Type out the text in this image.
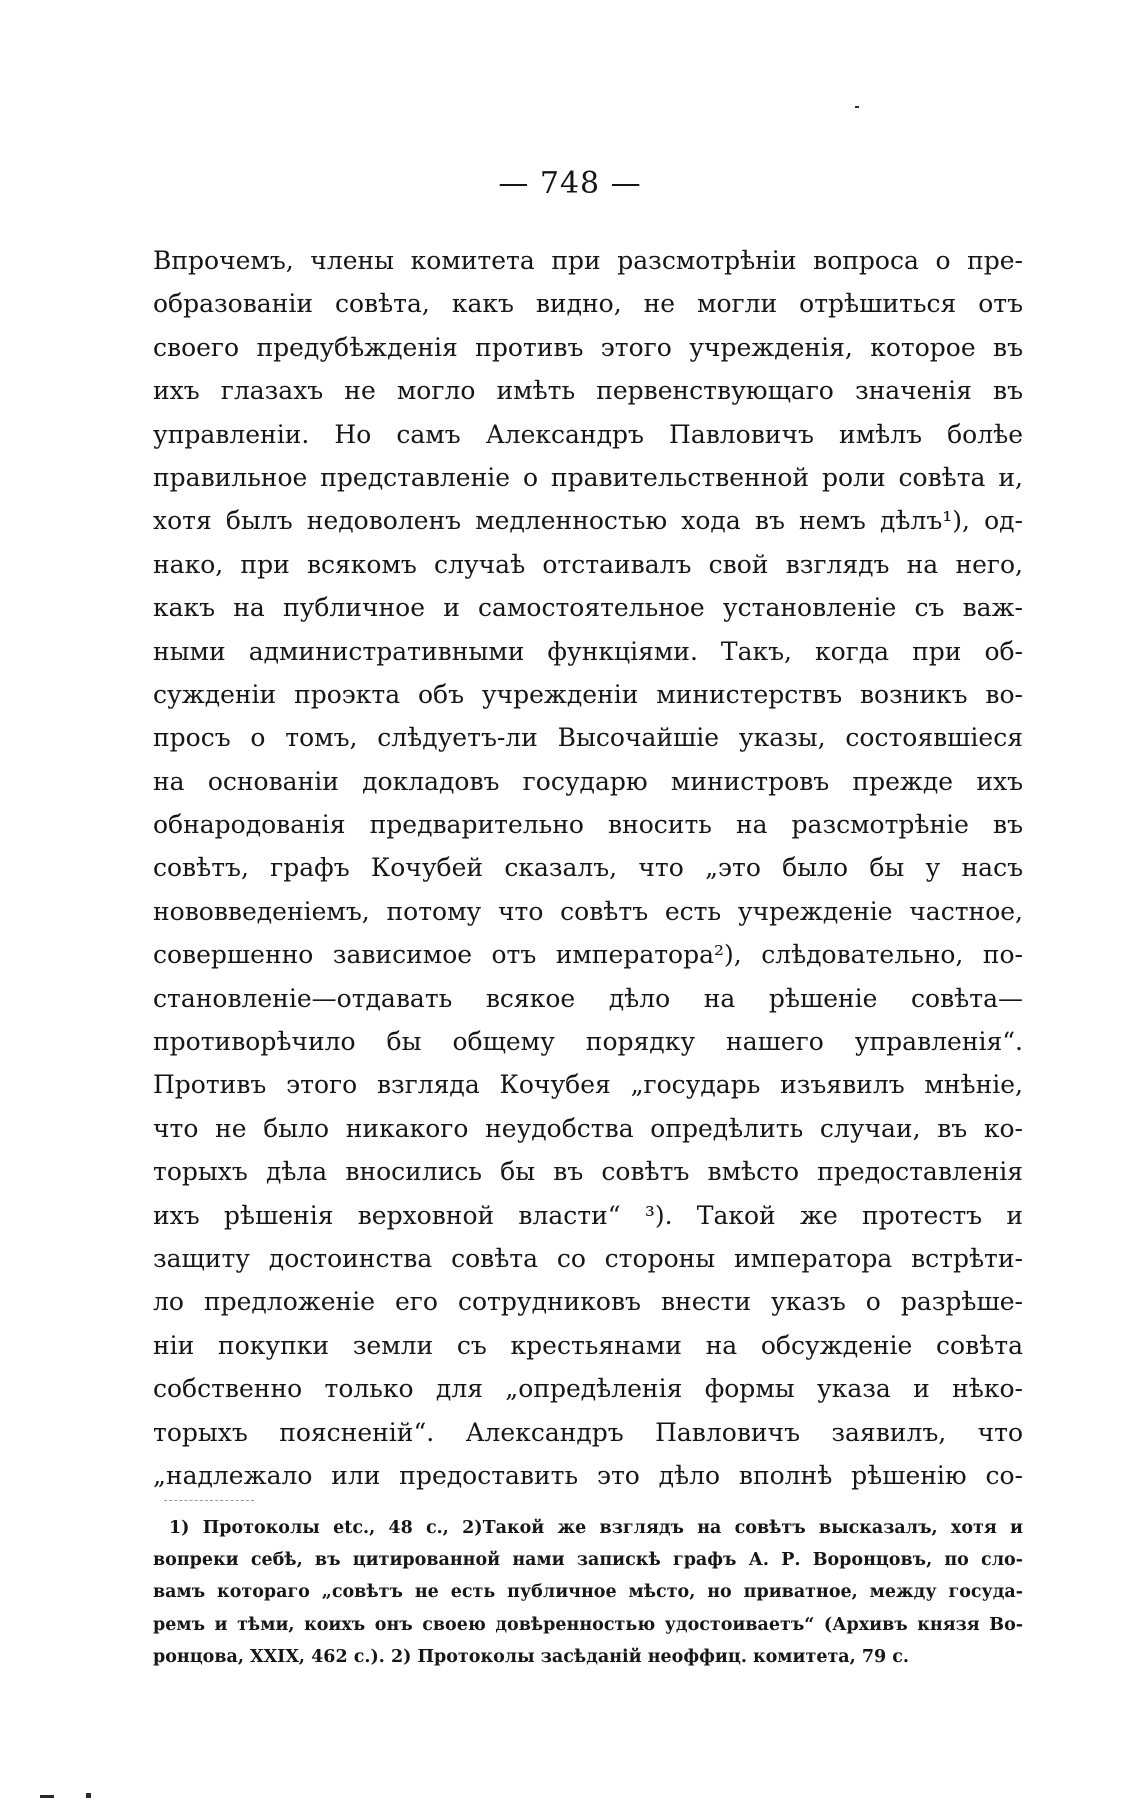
— 748 —
Впрочемъ, члены комитета при разсмотрѣніи вопроса о пре-
образованіи совѣта, какъ видно, не могли отрѣшиться отъ
своего предубѣжденія противъ этого учрежденія, которое въ
ихъ глазахъ не могло имѣть первенствующаго значенія въ
управленіи. Но самъ Александръ Павловичъ имѣлъ болѣе
правильное представленіе о правительственной роли совѣта и,
хотя былъ недоволенъ медленностью хода въ немъ дѣлъ¹), од-
нако, при всякомъ случаѣ отстаивалъ свой взглядъ на него,
какъ на публичное и самостоятельное установленіе съ важ-
ными административными функціями. Такъ, когда при об-
сужденіи проэкта объ учрежденіи министерствъ возникъ во-
просъ о томъ, слѣдуетъ-ли Высочайшіе указы, состоявшіеся
на основаніи докладовъ государю министровъ прежде ихъ
обнародованія предварительно вносить на разсмотрѣніе въ
совѣтъ, графъ Кочубей сказалъ, что „это было бы у насъ
нововведеніемъ, потому что совѣтъ есть учрежденіе частное,
совершенно зависимое отъ императора²), слѣдовательно, по-
становленіе—отдавать всякое дѣло на рѣшеніе совѣта—
противорѣчило бы общему порядку нашего управленія“.
Противъ этого взгляда Кочубея „государь изъявилъ мнѣніе,
что не было никакого неудобства опредѣлить случаи, въ ко-
торыхъ дѣла вносились бы въ совѣтъ вмѣсто предоставленія
ихъ рѣшенія верховной власти“ ³). Такой же протестъ и
защиту достоинства совѣта со стороны императора встрѣти-
ло предложеніе его сотрудниковъ внести указъ о разрѣше-
ніи покупки земли съ крестьянами на обсужденіе совѣта
собственно только для „опредѣленія формы указа и нѣко-
торыхъ поясненій“. Александръ Павловичъ заявилъ, что
„надлежало или предоставить это дѣло вполнѣ рѣшенію со-
1) Протоколы etc., 48 с., 2)Такой же взглядъ на совѣтъ высказалъ, хотя и
вопреки себѣ, въ цитированной нами запискѣ графъ А. Р. Воронцовъ, по сло-
вамъ котораго „совѣтъ не есть публичное мѣсто, но приватное, между госуда-
ремъ и тѣми, коихъ онъ своею довѣренностью удостоиваетъ“ (Архивъ князя Во-
ронцова, XXIX, 462 с.). 2) Протоколы засѣданій неоффиц. комитета, 79 с.
